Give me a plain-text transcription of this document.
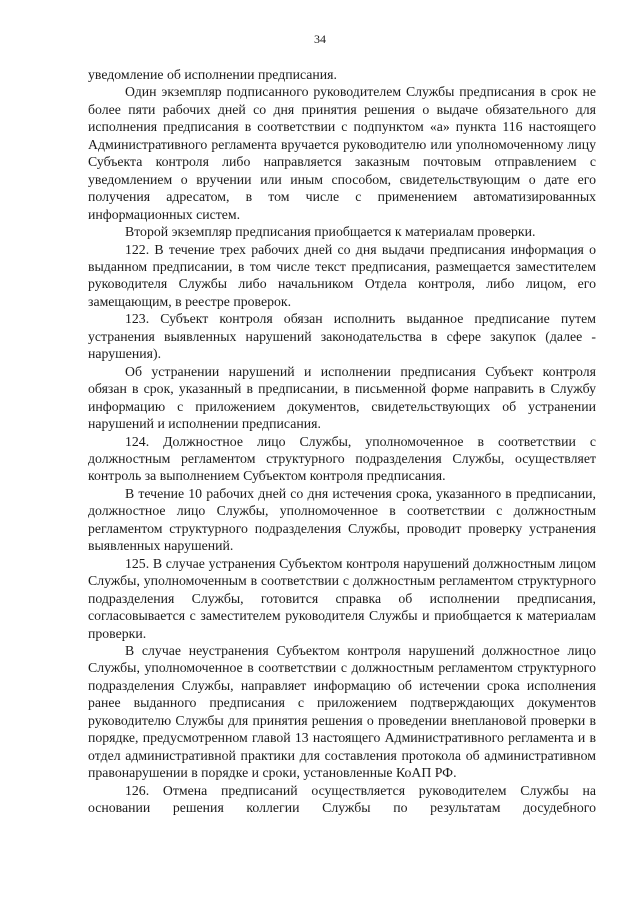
34

уведомление об исполнении предписания.

Один экземпляр подписанного руководителем Службы предписания в срок не более пяти рабочих дней со дня принятия решения о выдаче обязательного для исполнения предписания в соответствии с подпунктом «а» пункта 116 настоящего Административного регламента вручается руководителю или уполномоченному лицу Субъекта контроля либо направляется заказным почтовым отправлением с уведомлением о вручении или иным способом, свидетельствующим о дате его получения адресатом, в том числе с применением автоматизированных информационных систем.

Второй экземпляр предписания приобщается к материалам проверки.

122. В течение трех рабочих дней со дня выдачи предписания информация о выданном предписании, в том числе текст предписания, размещается заместителем руководителя Службы либо начальником Отдела контроля, либо лицом, его замещающим, в реестре проверок.

123. Субъект контроля обязан исполнить выданное предписание путем устранения выявленных нарушений законодательства в сфере закупок (далее - нарушения).

Об устранении нарушений и исполнении предписания Субъект контроля обязан в срок, указанный в предписании, в письменной форме направить в Службу информацию с приложением документов, свидетельствующих об устранении нарушений и исполнении предписания.

124. Должностное лицо Службы, уполномоченное в соответствии с должностным регламентом структурного подразделения Службы, осуществляет контроль за выполнением Субъектом контроля предписания.

В течение 10 рабочих дней со дня истечения срока, указанного в предписании, должностное лицо Службы, уполномоченное в соответствии с должностным регламентом структурного подразделения Службы, проводит проверку устранения выявленных нарушений.

125. В случае устранения Субъектом контроля нарушений должностным лицом Службы, уполномоченным в соответствии с должностным регламентом структурного подразделения Службы, готовится справка об исполнении предписания, согласовывается с заместителем руководителя Службы и приобщается к материалам проверки.

В случае неустранения Субъектом контроля нарушений должностное лицо Службы, уполномоченное в соответствии с должностным регламентом структурного подразделения Службы, направляет информацию об истечении срока исполнения ранее выданного предписания с приложением подтверждающих документов руководителю Службы для принятия решения о проведении внеплановой проверки в порядке, предусмотренном главой 13 настоящего Административного регламента и в отдел административной практики для составления протокола об административном правонарушении в порядке и сроки, установленные КоАП РФ.

126. Отмена предписаний осуществляется руководителем Службы на основании решения коллегии Службы по результатам досудебного
